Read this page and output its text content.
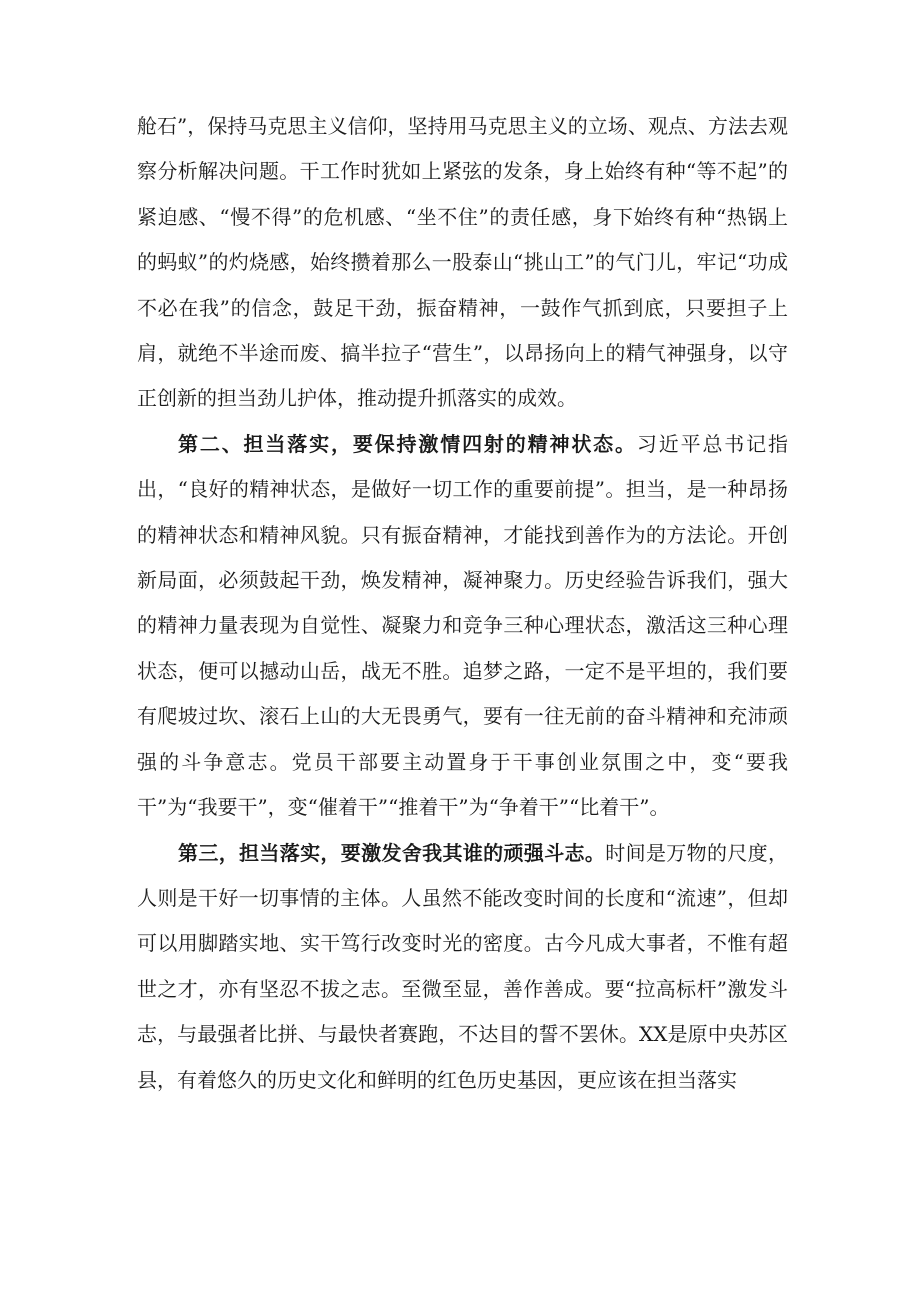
舱石”，保持马克思主义信仰，坚持用马克思主义的立场、观点、方法去观察分析解决问题。干工作时犹如上紧弦的发条，身上始终有种“等不起”的紧迫感、“慢不得”的危机感、“坐不住”的责任感，身下始终有种“热锅上的蚂蚁”的灼烧感，始终攒着那么一股泰山“挑山工”的气门儿，牢记“功成不必在我”的信念，鼓足干劲，振奋精神，一鼓作气抓到底，只要担子上肩，就绝不半途而废、搞半拉子“营生”，以昂扬向上的精气神强身，以守正创新的担当劲儿护体，推动提升抓落实的成效。

第二、担当落实，要保持激情四射的精神状态。习近平总书记指出，“良好的精神状态，是做好一切工作的重要前提”。担当，是一种昂扬的精神状态和精神风貌。只有振奋精神，才能找到善作为的方法论。开创新局面，必须鼓起干劲，焕发精神，凝神聚力。历史经验告诉我们，强大的精神力量表现为自觉性、凝聚力和竞争三种心理状态，激活这三种心理状态，便可以撼动山岳，战无不胜。追梦之路，一定不是平坦的，我们要有爬坡过坎、滚石上山的大无畏勇气，要有一往无前的奋斗精神和充沛顽强的斗争意志。党员干部要主动置身于干事创业氛围之中，变“要我干”为“我要干”，变“催着干”“推着干”为“争着干”“比着干”。

第三，担当落实，要激发舍我其谁的顽强斗志。时间是万物的尺度，人则是干好一切事情的主体。人虽然不能改变时间的长度和“流速”，但却可以用脚踏实地、实干笃行改变时光的密度。古今凡成大事者，不惟有超世之才，亦有坚忍不拔之志。至微至显，善作善成。要“拉高标杆”激发斗志，与最强者比拼、与最快者赛跑，不达目的誓不罢休。XX是原中央苏区县，有着悠久的历史文化和鲜明的红色历史基因，更应该在担当落实
